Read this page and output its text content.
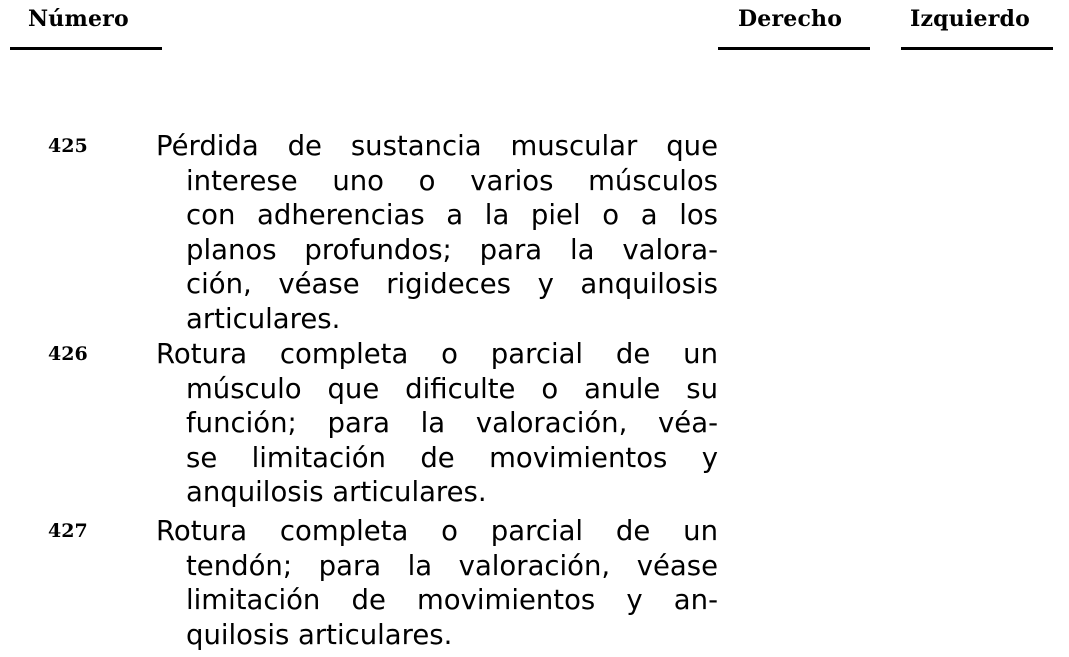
Número	Derecho	Izquierdo
425 Pérdida de sustancia muscular que
interese uno o varios músculos
con adherencias a la piel o a los
planos profundos; para la valora-
ción, véase rigideces y anquilosis
articulares.
426 Rotura completa o parcial de un
músculo que dificulte o anule su
función; para la valoración, véa-
se limitación de movimientos y
anquilosis articulares.
427 Rotura completa o parcial de un
tendón; para la valoración, véase
limitación de movimientos y an-
quilosis articulares.
